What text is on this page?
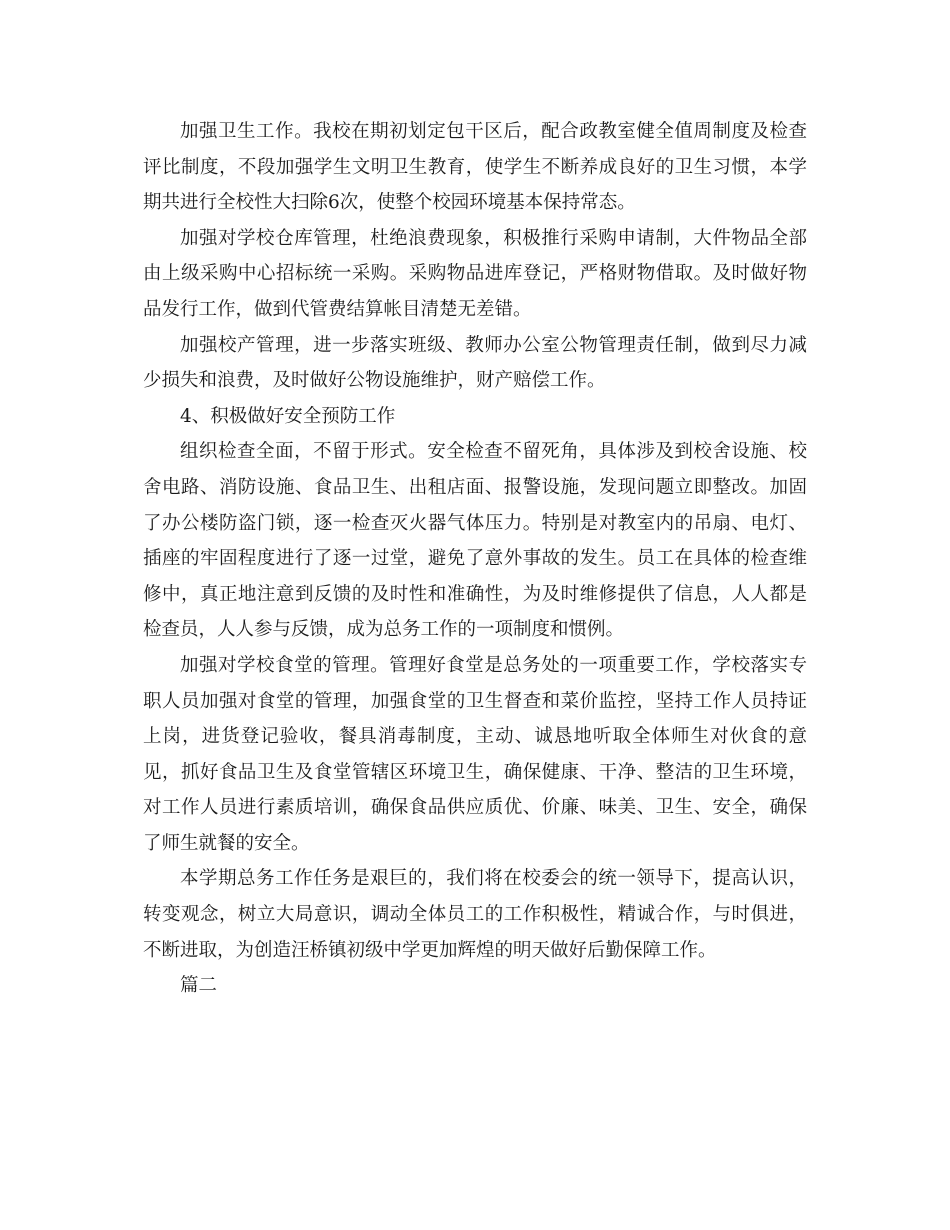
加强卫生工作。我校在期初划定包干区后，配合政教室健全值周制度及检查评比制度，不段加强学生文明卫生教育，使学生不断养成良好的卫生习惯，本学期共进行全校性大扫除6次，使整个校园环境基本保持常态。

加强对学校仓库管理，杜绝浪费现象，积极推行采购申请制，大件物品全部由上级采购中心招标统一采购。采购物品进库登记，严格财物借取。及时做好物品发行工作，做到代管费结算帐目清楚无差错。

加强校产管理，进一步落实班级、教师办公室公物管理责任制，做到尽力减少损失和浪费，及时做好公物设施维护，财产赔偿工作。

4、积极做好安全预防工作

组织检查全面，不留于形式。安全检查不留死角，具体涉及到校舍设施、校舍电路、消防设施、食品卫生、出租店面、报警设施，发现问题立即整改。加固了办公楼防盗门锁，逐一检查灭火器气体压力。特别是对教室内的吊扇、电灯、插座的牢固程度进行了逐一过堂，避免了意外事故的发生。员工在具体的检查维修中，真正地注意到反馈的及时性和准确性，为及时维修提供了信息，人人都是检查员，人人参与反馈，成为总务工作的一项制度和惯例。

加强对学校食堂的管理。管理好食堂是总务处的一项重要工作，学校落实专职人员加强对食堂的管理，加强食堂的卫生督查和菜价监控，坚持工作人员持证上岗，进货登记验收，餐具消毒制度，主动、诚恳地听取全体师生对伙食的意见，抓好食品卫生及食堂管辖区环境卫生，确保健康、干净、整洁的卫生环境，对工作人员进行素质培训，确保食品供应质优、价廉、味美、卫生、安全，确保了师生就餐的安全。

本学期总务工作任务是艰巨的，我们将在校委会的统一领导下，提高认识，转变观念，树立大局意识，调动全体员工的工作积极性，精诚合作，与时俱进，不断进取，为创造汪桥镇初级中学更加辉煌的明天做好后勤保障工作。

篇二
